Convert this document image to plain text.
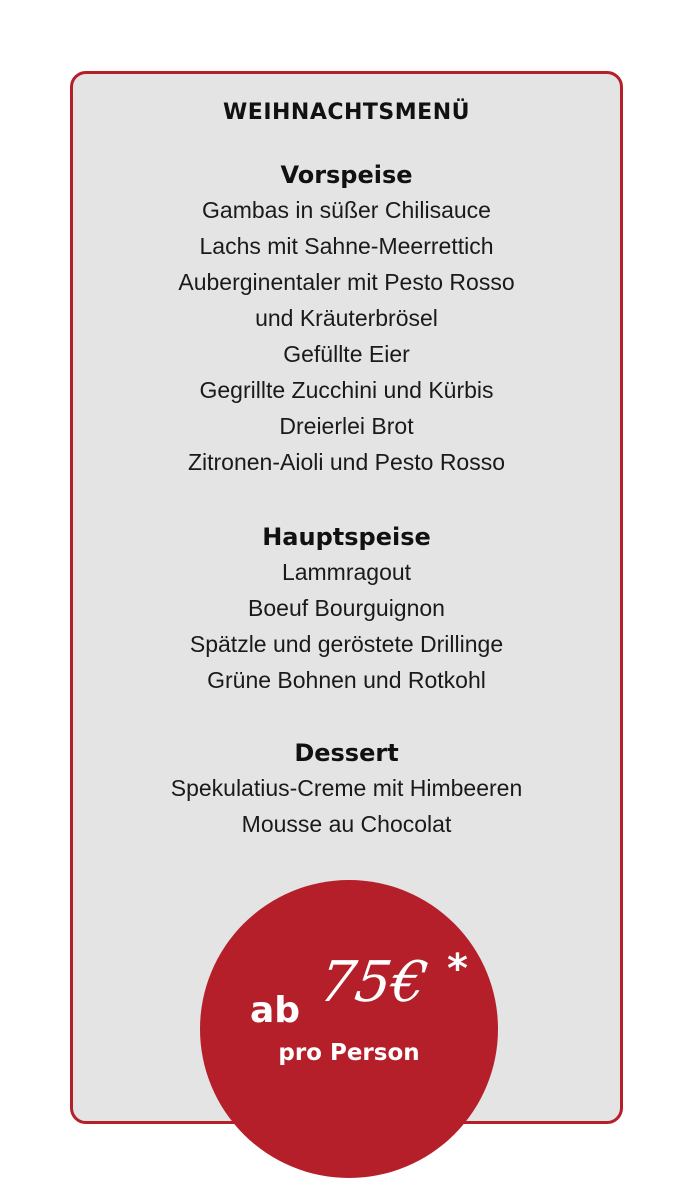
WEIHNACHTSMENÜ
Vorspeise
Gambas in süßer Chilisauce
Lachs mit Sahne-Meerrettich
Auberginentaler mit Pesto Rosso
und Kräuterbrösel
Gefüllte Eier
Gegrillte Zucchini und Kürbis
Dreierlei Brot
Zitronen-Aioli und Pesto Rosso
Hauptspeise
Lammragout
Boeuf Bourguignon
Spätzle und geröstete Drillinge
Grüne Bohnen und Rotkohl
Dessert
Spekulatius-Creme mit Himbeeren
Mousse au Chocolat
ab 75€ *
pro Person
